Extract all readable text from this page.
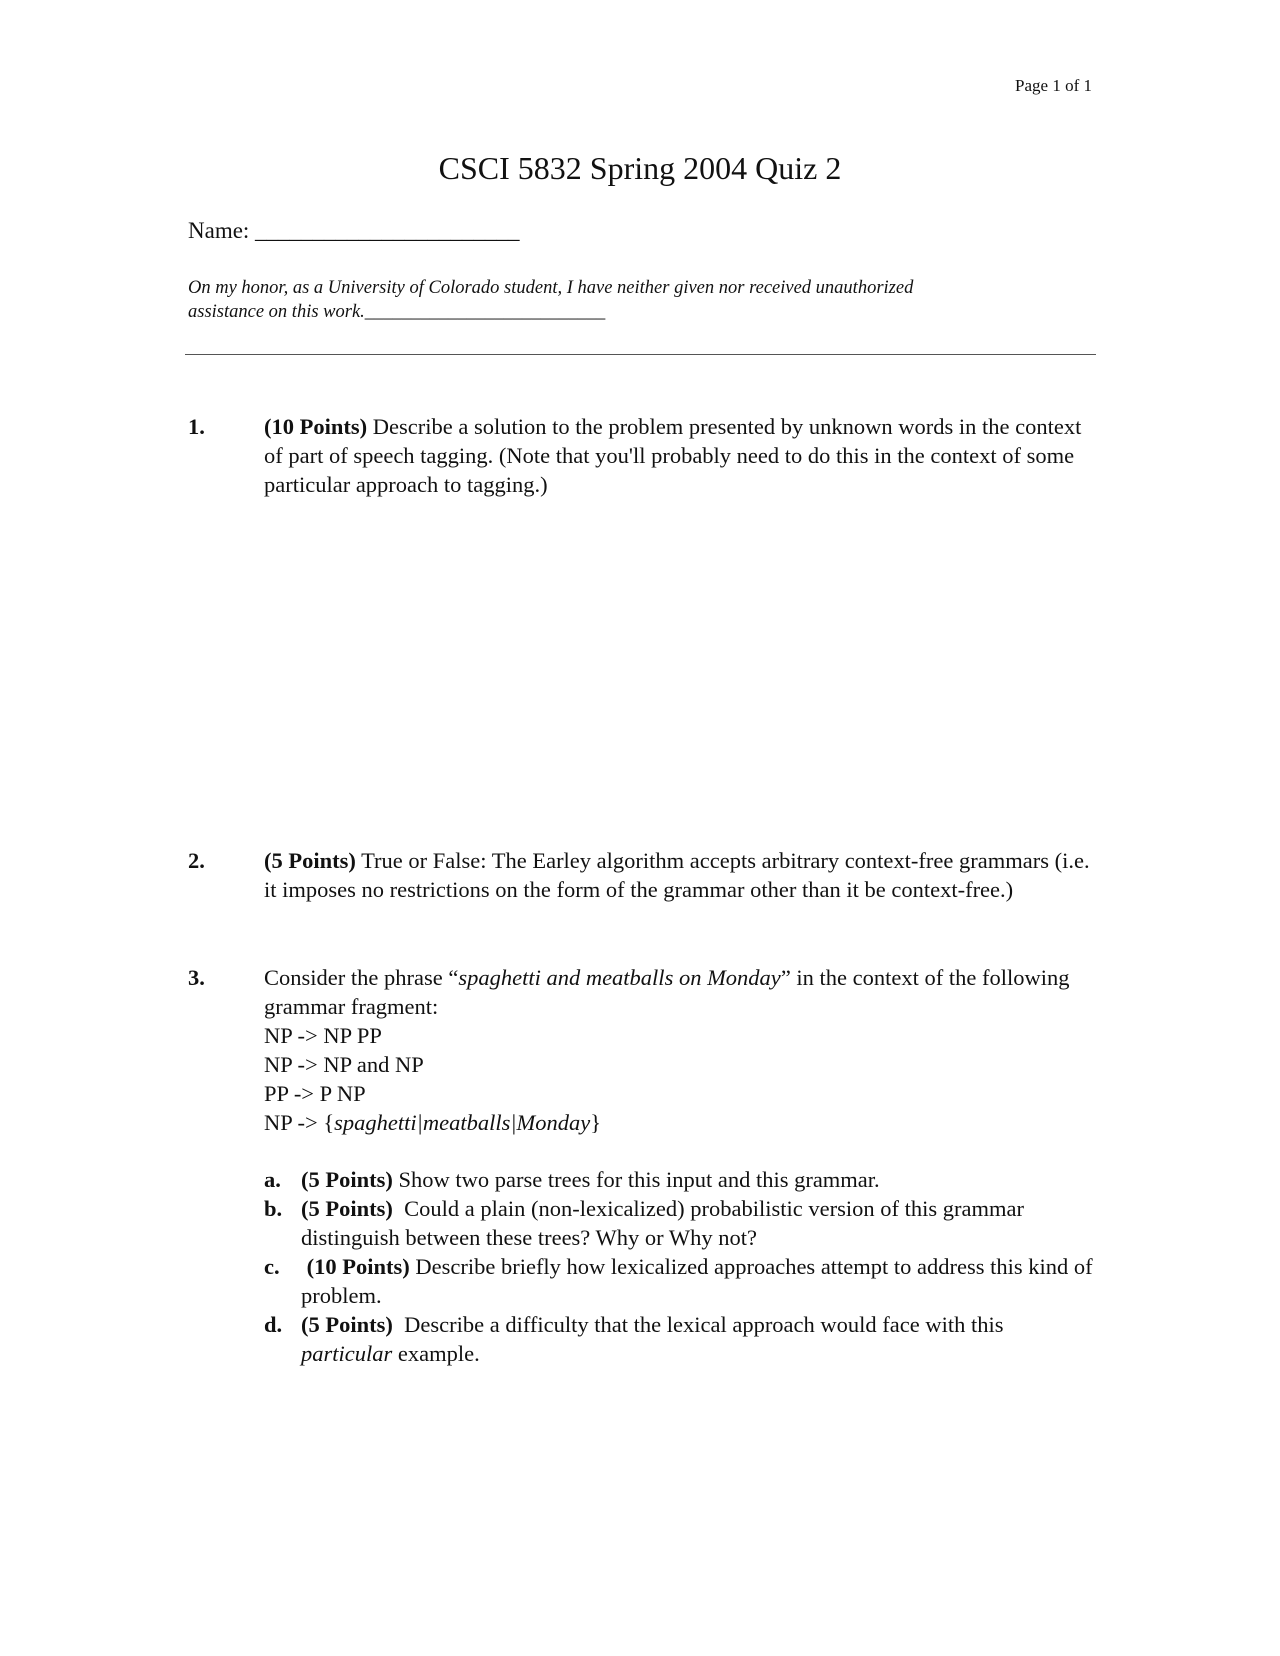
Page 1 of 1
CSCI 5832 Spring 2004 Quiz 2
Name: _______________________
On my honor, as a University of Colorado student, I have neither given nor received unauthorized
assistance on this work.__________________________
1.	(10 Points) Describe a solution to the problem presented by unknown words in the context of part of speech tagging. (Note that you'll probably need to do this in the context of some particular approach to tagging.)
2.	(5 Points) True or False: The Earley algorithm accepts arbitrary context-free grammars (i.e. it imposes no restrictions on the form of the grammar other than it be context-free.)
3.	Consider the phrase “spaghetti and meatballs on Monday” in the context of the following grammar fragment:
NP -> NP PP
NP -> NP and NP
PP -> P NP
NP -> {spaghetti|meatballs|Monday}
a. (5 Points) Show two parse trees for this input and this grammar.
b. (5 Points)  Could a plain (non-lexicalized) probabilistic version of this grammar distinguish between these trees? Why or Why not?
c. (10 Points) Describe briefly how lexicalized approaches attempt to address this kind of problem.
d. (5 Points)  Describe a difficulty that the lexical approach would face with this particular example.
